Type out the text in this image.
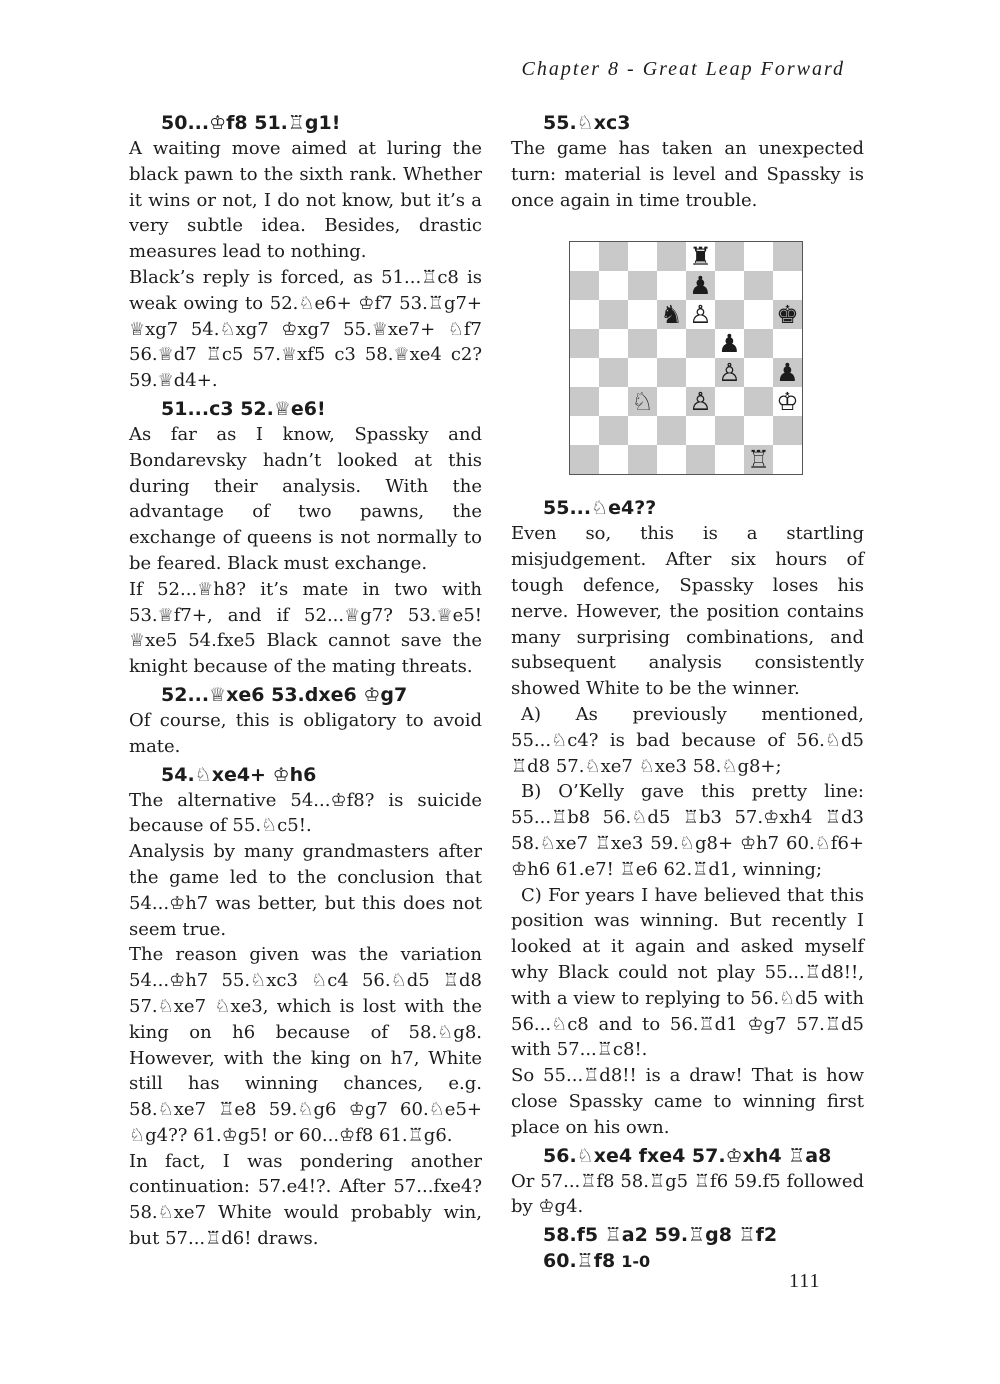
Chapter 8 - Great Leap Forward
50...♔f8 51.♖g1!

A waiting move aimed at luring the black pawn to the sixth rank. Whether it wins or not, I do not know, but it’s a very subtle idea. Besides, drastic measures lead to nothing.

Black’s reply is forced, as 51...♖c8 is weak owing to 52.♘e6+ ♔f7 53.♖g7+ ♕xg7 54.♘xg7 ♔xg7 55.♕xe7+ ♘f7 56.♕d7 ♖c5 57.♕xf5 c3 58.♕xe4 c2? 59.♕d4+.

51...c3 52.♕e6!

As far as I know, Spassky and Bondarevsky hadn’t looked at this during their analysis. With the advantage of two pawns, the exchange of queens is not normally to be feared. Black must exchange.

If 52...♕h8? it’s mate in two with 53.♕f7+, and if 52...♕g7? 53.♕e5! ♕xe5 54.fxe5 Black cannot save the knight because of the mating threats.

52...♕xe6 53.dxe6 ♔g7

Of course, this is obligatory to avoid mate.

54.♘xe4+ ♔h6

The alternative 54...♔f8? is suicide because of 55.♘c5!.

Analysis by many grandmasters after the game led to the conclusion that 54...♔h7 was better, but this does not seem true.

The reason given was the variation 54...♔h7 55.♘xc3 ♘c4 56.♘d5 ♖d8 57.♘xe7 ♘xe3, which is lost with the king on h6 because of 58.♘g8. However, with the king on h7, White still has winning chances, e.g. 58.♘xe7 ♖e8 59.♘g6 ♔g7 60.♘e5+ ♘g4?? 61.♔g5! or 60...♔f8 61.♖g6.

In fact, I was pondering another continuation: 57.e4!?. After 57...fxe4? 58.♘xe7 White would probably win, but 57...♖d6! draws.

55.♘xc3

The game has taken an unexpected turn: material is level and Spassky is once again in time trouble.

♜
♟
♞ ♙	♚
♟
♙ ♟
♘ ♙	♔
♖
55...♘e4??

Even so, this is a startling misjudgement. After six hours of tough defence, Spassky loses his nerve. However, the position contains many surprising combinations, and subsequent analysis consistently showed White to be the winner.

A) As previously mentioned, 55...♘c4? is bad because of 56.♘d5 ♖d8 57.♘xe7 ♘xe3 58.♘g8+;

B) O’Kelly gave this pretty line: 55...♖b8 56.♘d5 ♖b3 57.♔xh4 ♖d3 58.♘xe7 ♖xe3 59.♘g8+ ♔h7 60.♘f6+ ♔h6 61.e7! ♖e6 62.♖d1, winning;

C) For years I have believed that this position was winning. But recently I looked at it again and asked myself why Black could not play 55...♖d8!!, with a view to replying to 56.♘d5 with 56...♘c8 and to 56.♖d1 ♔g7 57.♖d5 with 57...♖c8!.

So 55...♖d8!! is a draw! That is how close Spassky came to winning first place on his own.

56.♘xe4 fxe4 57.♔xh4 ♖a8

Or 57...♖f8 58.♖g5 ♖f6 59.f5 followed by ♔g4.

58.f5 ♖a2 59.♖g8 ♖f2 60.♖f8 1-0
111
